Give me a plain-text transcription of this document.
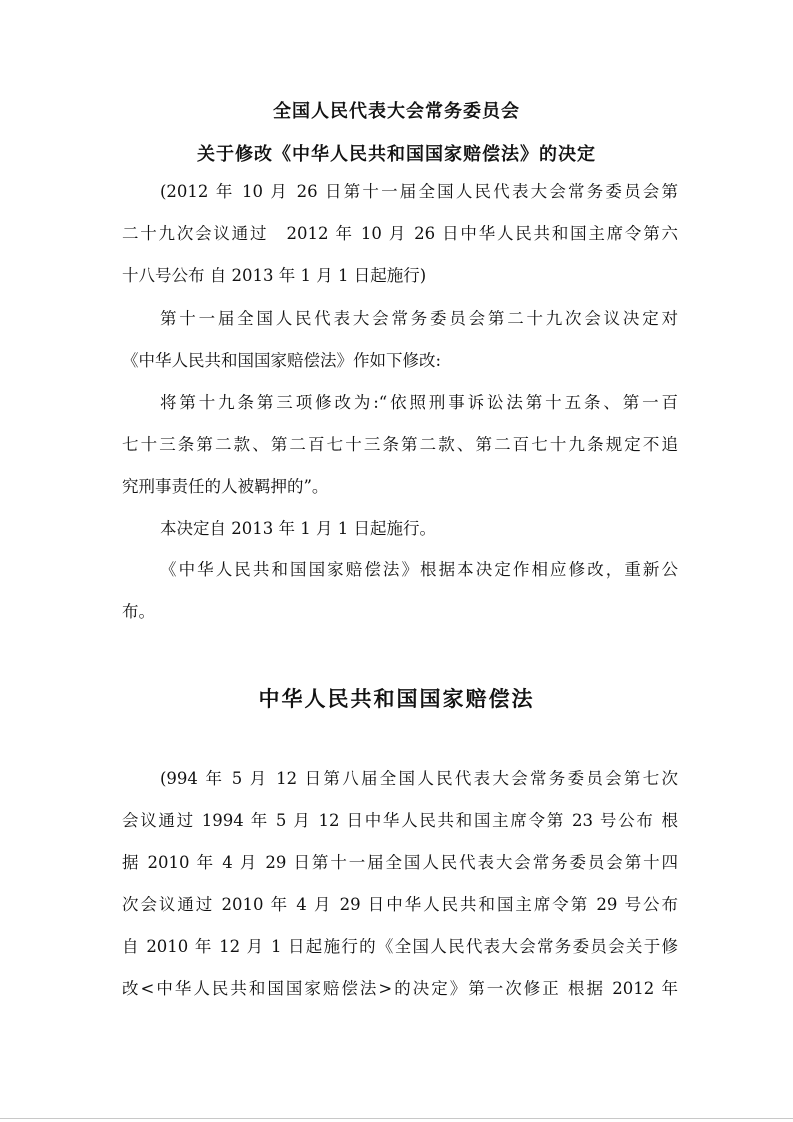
全国人民代表大会常务委员会
关于修改《中华人民共和国国家赔偿法》的决定
(2012 年 10 月 26 日第十一届全国人民代表大会常务委员会第
二十九次会议通过　2012 年 10 月 26 日中华人民共和国主席令第六
十八号公布 自 2013 年 1 月 1 日起施行)
第十一届全国人民代表大会常务委员会第二十九次会议决定对
《中华人民共和国国家赔偿法》作如下修改:
将第十九条第三项修改为:“依照刑事诉讼法第十五条、第一百
七十三条第二款、第二百七十三条第二款、第二百七十九条规定不追
究刑事责任的人被羁押的”。
本决定自 2013 年 1 月 1 日起施行。
《中华人民共和国国家赔偿法》根据本决定作相应修改，重新公
布。
中华人民共和国国家赔偿法
(994 年 5 月 12 日第八届全国人民代表大会常务委员会第七次
会议通过 1994 年 5 月 12 日中华人民共和国主席令第 23 号公布 根
据 2010 年 4 月 29 日第十一届全国人民代表大会常务委员会第十四
次会议通过 2010 年 4 月 29 日中华人民共和国主席令第 29 号公布
自 2010 年 12 月 1 日起施行的《全国人民代表大会常务委员会关于修
改<中华人民共和国国家赔偿法>的决定》第一次修正 根据 2012 年
